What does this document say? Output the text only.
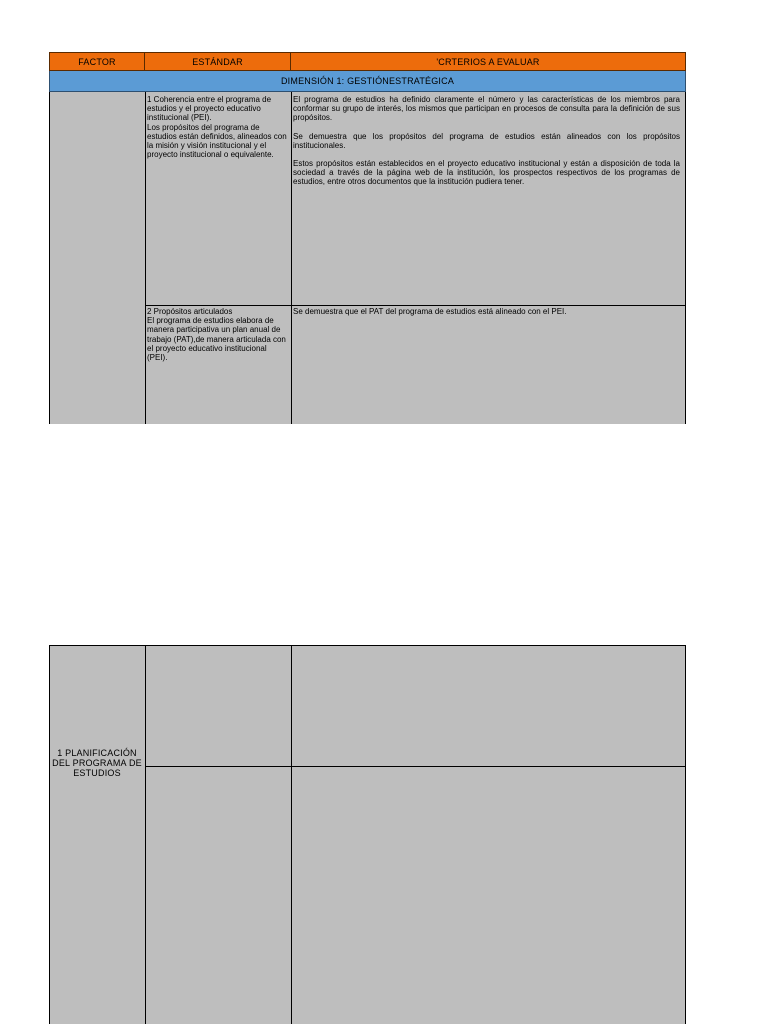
FACTOR	ESTÁNDAR	'CRTERIOS A EVALUAR
DIMENSIÓN 1: GESTIÓNESTRATÉGICA

1 Coherencia entre el programa de estudios y el proyecto educativo institucional (PEI).

Los propósitos del programa de estudios están definidos, alineados con la misión y visión institucional y el proyecto institucional o equivalente.

El programa de estudios ha definido claramente el número y las características de los miembros para conformar su grupo de interés, los mismos que participan en procesos de consulta para la definición de sus propósitos.

Se demuestra que los propósitos del programa de estudios están alineados con los propósitos institucionales.

Estos propósitos están establecidos en el proyecto educativo institucional y están a disposición de toda la sociedad a través de la página web de la institución, los prospectos respectivos de los programas de estudios, entre otros documentos que la institución pudiera tener.

2 Propósitos articulados

El programa de estudios elabora de manera participativa un plan anual de trabajo (PAT),de manera articulada con el proyecto educativo institucional (PEI).

Se demuestra que el PAT del programa de estudios está alineado con el PEI.

1 PLANIFICACIÓN DEL PROGRAMA DE ESTUDIOS
